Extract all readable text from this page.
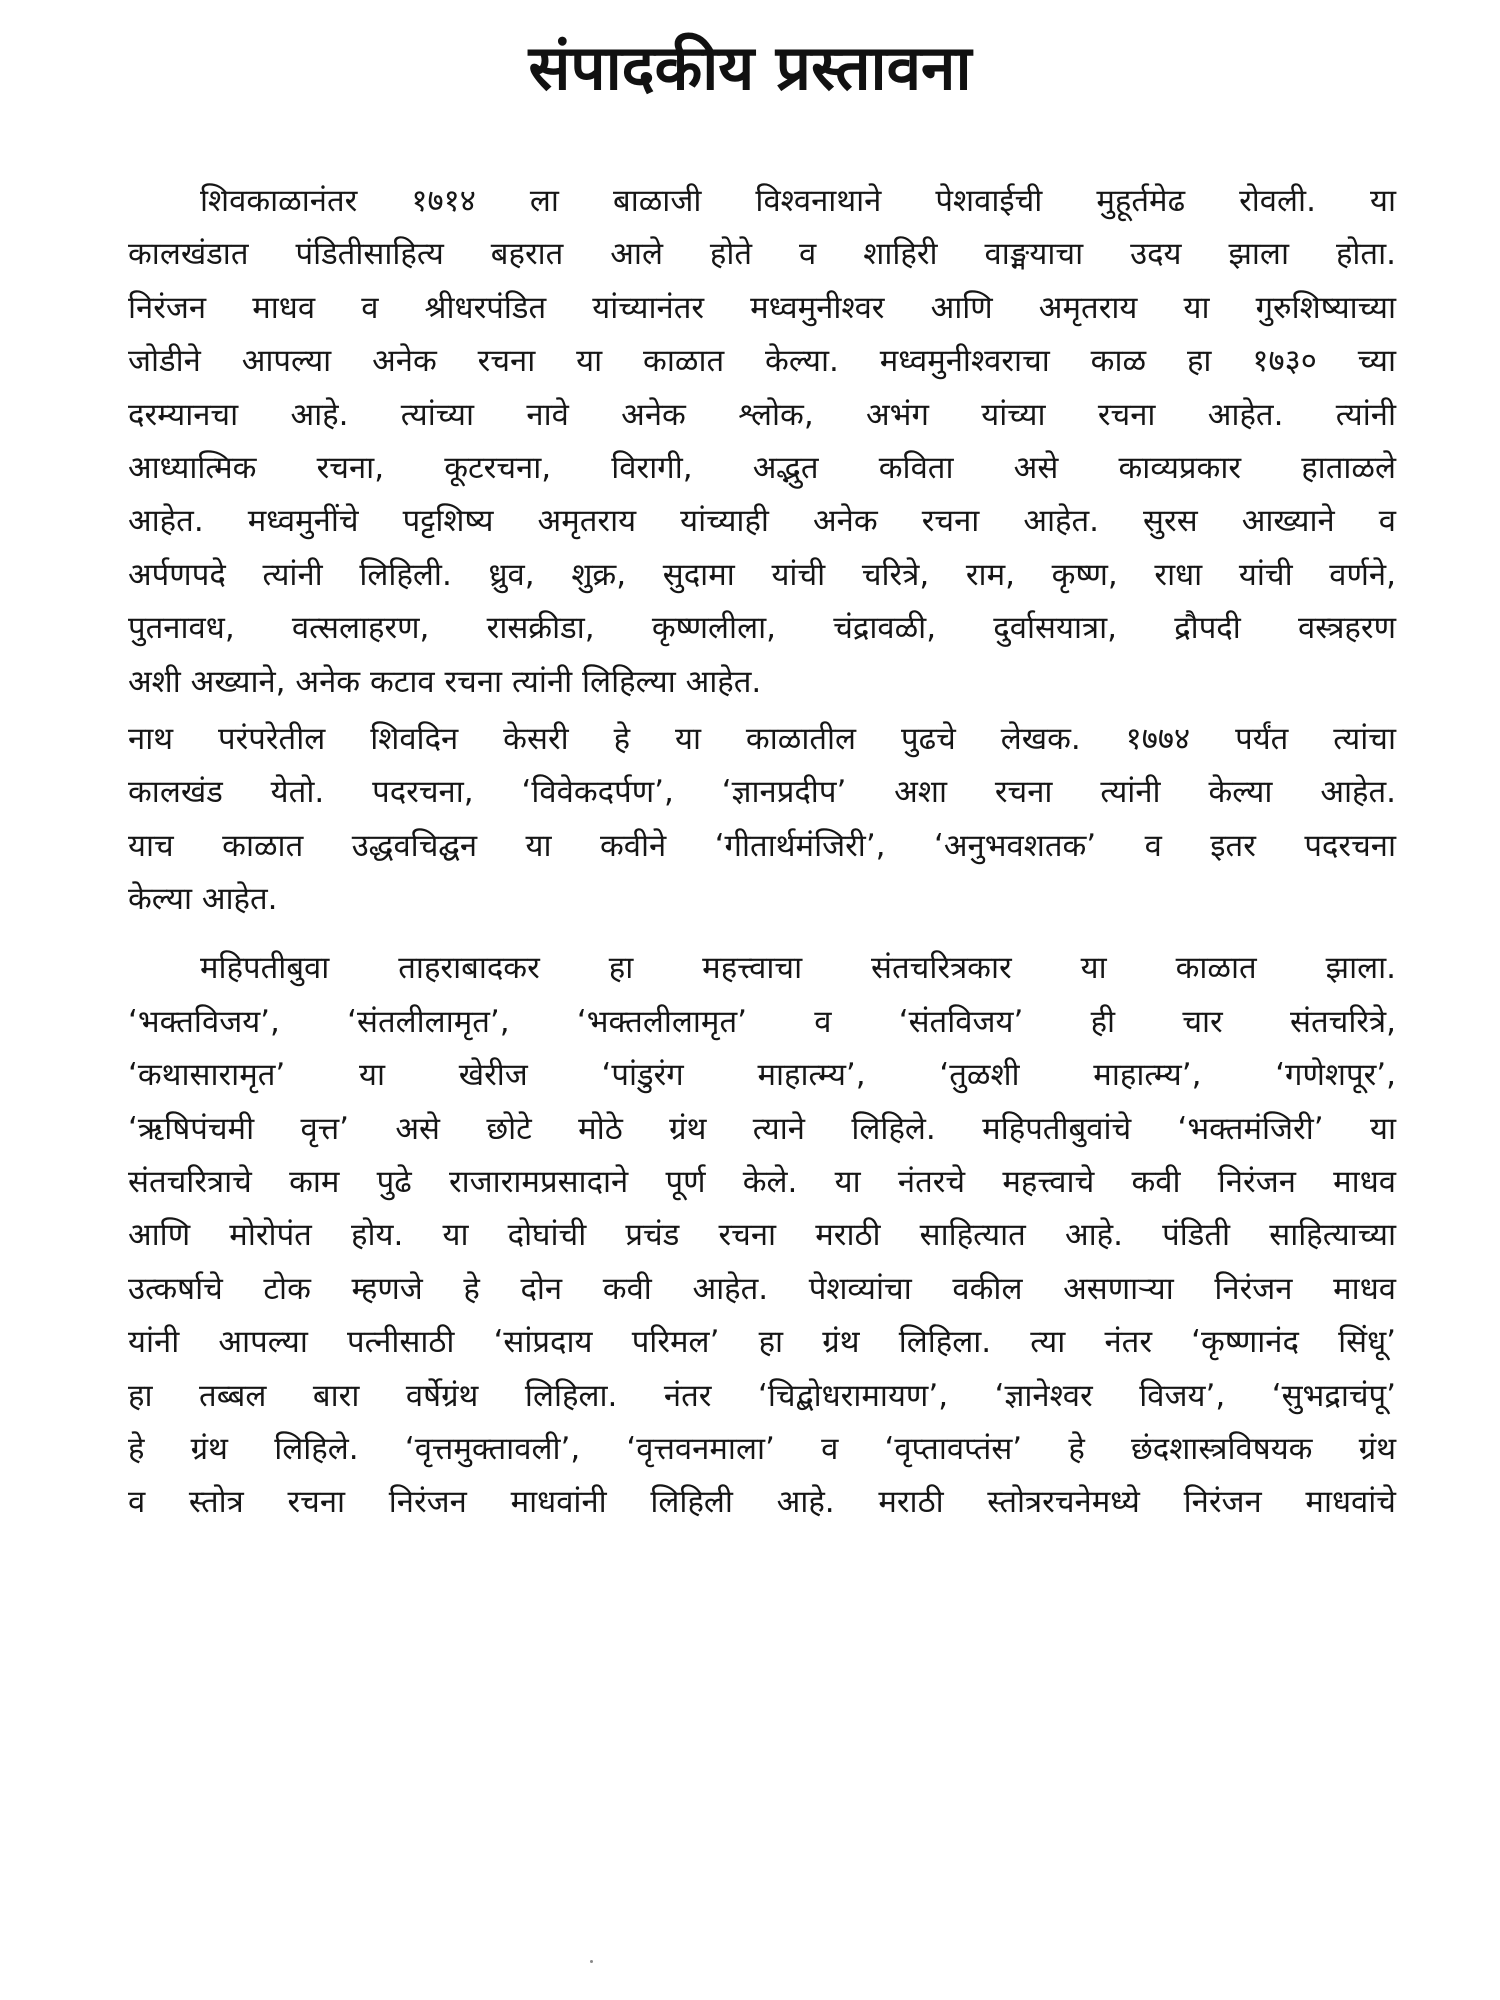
संपादकीय प्रस्तावना
शिवकाळानंतर १७१४ ला बाळाजी विश्वनाथाने पेशवाईची मुहूर्तमेढ रोवली. या
कालखंडात पंडितीसाहित्य बहरात आले होते व शाहिरी वाङ्मयाचा उदय झाला होता.
निरंजन माधव व श्रीधरपंडित यांच्यानंतर मध्वमुनीश्वर आणि अमृतराय या गुरुशिष्याच्या
जोडीने आपल्या अनेक रचना या काळात केल्या. मध्वमुनीश्वराचा काळ हा १७३० च्या
दरम्यानचा आहे. त्यांच्या नावे अनेक श्लोक, अभंग यांच्या रचना आहेत. त्यांनी
आध्यात्मिक रचना, कूटरचना, विरागी, अद्भुत कविता असे काव्यप्रकार हाताळले
आहेत. मध्वमुनींचे पट्टशिष्य अमृतराय यांच्याही अनेक रचना आहेत. सुरस आख्याने व
अर्पणपदे त्यांनी लिहिली. ध्रुव, शुक्र, सुदामा यांची चरित्रे, राम, कृष्ण, राधा यांची वर्णने,
पुतनावध, वत्सलाहरण, रासक्रीडा, कृष्णलीला, चंद्रावळी, दुर्वासयात्रा, द्रौपदी वस्त्रहरण
अशी अख्याने, अनेक कटाव रचना त्यांनी लिहिल्या आहेत.
नाथ परंपरेतील शिवदिन केसरी हे या काळातील पुढचे लेखक. १७७४ पर्यंत त्यांचा
कालखंड येतो. पदरचना, ‘विवेकदर्पण’, ‘ज्ञानप्रदीप’ अशा रचना त्यांनी केल्या आहेत.
याच काळात उद्धवचिद्घन या कवीने ‘गीतार्थमंजिरी’, ‘अनुभवशतक’ व इतर पदरचना
केल्या आहेत.
महिपतीबुवा ताहराबादकर हा महत्त्वाचा संतचरित्रकार या काळात झाला.
‘भक्तविजय’, ‘संतलीलामृत’, ‘भक्तलीलामृत’ व ‘संतविजय’ ही चार संतचरित्रे,
‘कथासारामृत’ या खेरीज ‘पांडुरंग माहात्म्य’, ‘तुळशी माहात्म्य’, ‘गणेशपूर’,
‘ऋषिपंचमी वृत्त’ असे छोटे मोठे ग्रंथ त्याने लिहिले. महिपतीबुवांचे ‘भक्तमंजिरी’ या
संतचरित्राचे काम पुढे राजारामप्रसादाने पूर्ण केले. या नंतरचे महत्त्वाचे कवी निरंजन माधव
आणि मोरोपंत होय. या दोघांची प्रचंड रचना मराठी साहित्यात आहे. पंडिती साहित्याच्या
उत्कर्षाचे टोक म्हणजे हे दोन कवी आहेत. पेशव्यांचा वकील असणाऱ्या निरंजन माधव
यांनी आपल्या पत्नीसाठी ‘सांप्रदाय परिमल’ हा ग्रंथ लिहिला. त्या नंतर ‘कृष्णानंद सिंधू’
हा तब्बल बारा वर्षेग्रंथ लिहिला. नंतर ‘चिद्बोधरामायण’, ‘ज्ञानेश्वर विजय’, ‘सुभद्राचंपू’
हे ग्रंथ लिहिले. ‘वृत्तमुक्तावली’, ‘वृत्तवनमाला’ व ‘वृप्तावप्तंस’ हे छंदशास्त्रविषयक ग्रंथ
व स्तोत्र रचना निरंजन माधवांनी लिहिली आहे. मराठी स्तोत्ररचनेमध्ये निरंजन माधवांचे
